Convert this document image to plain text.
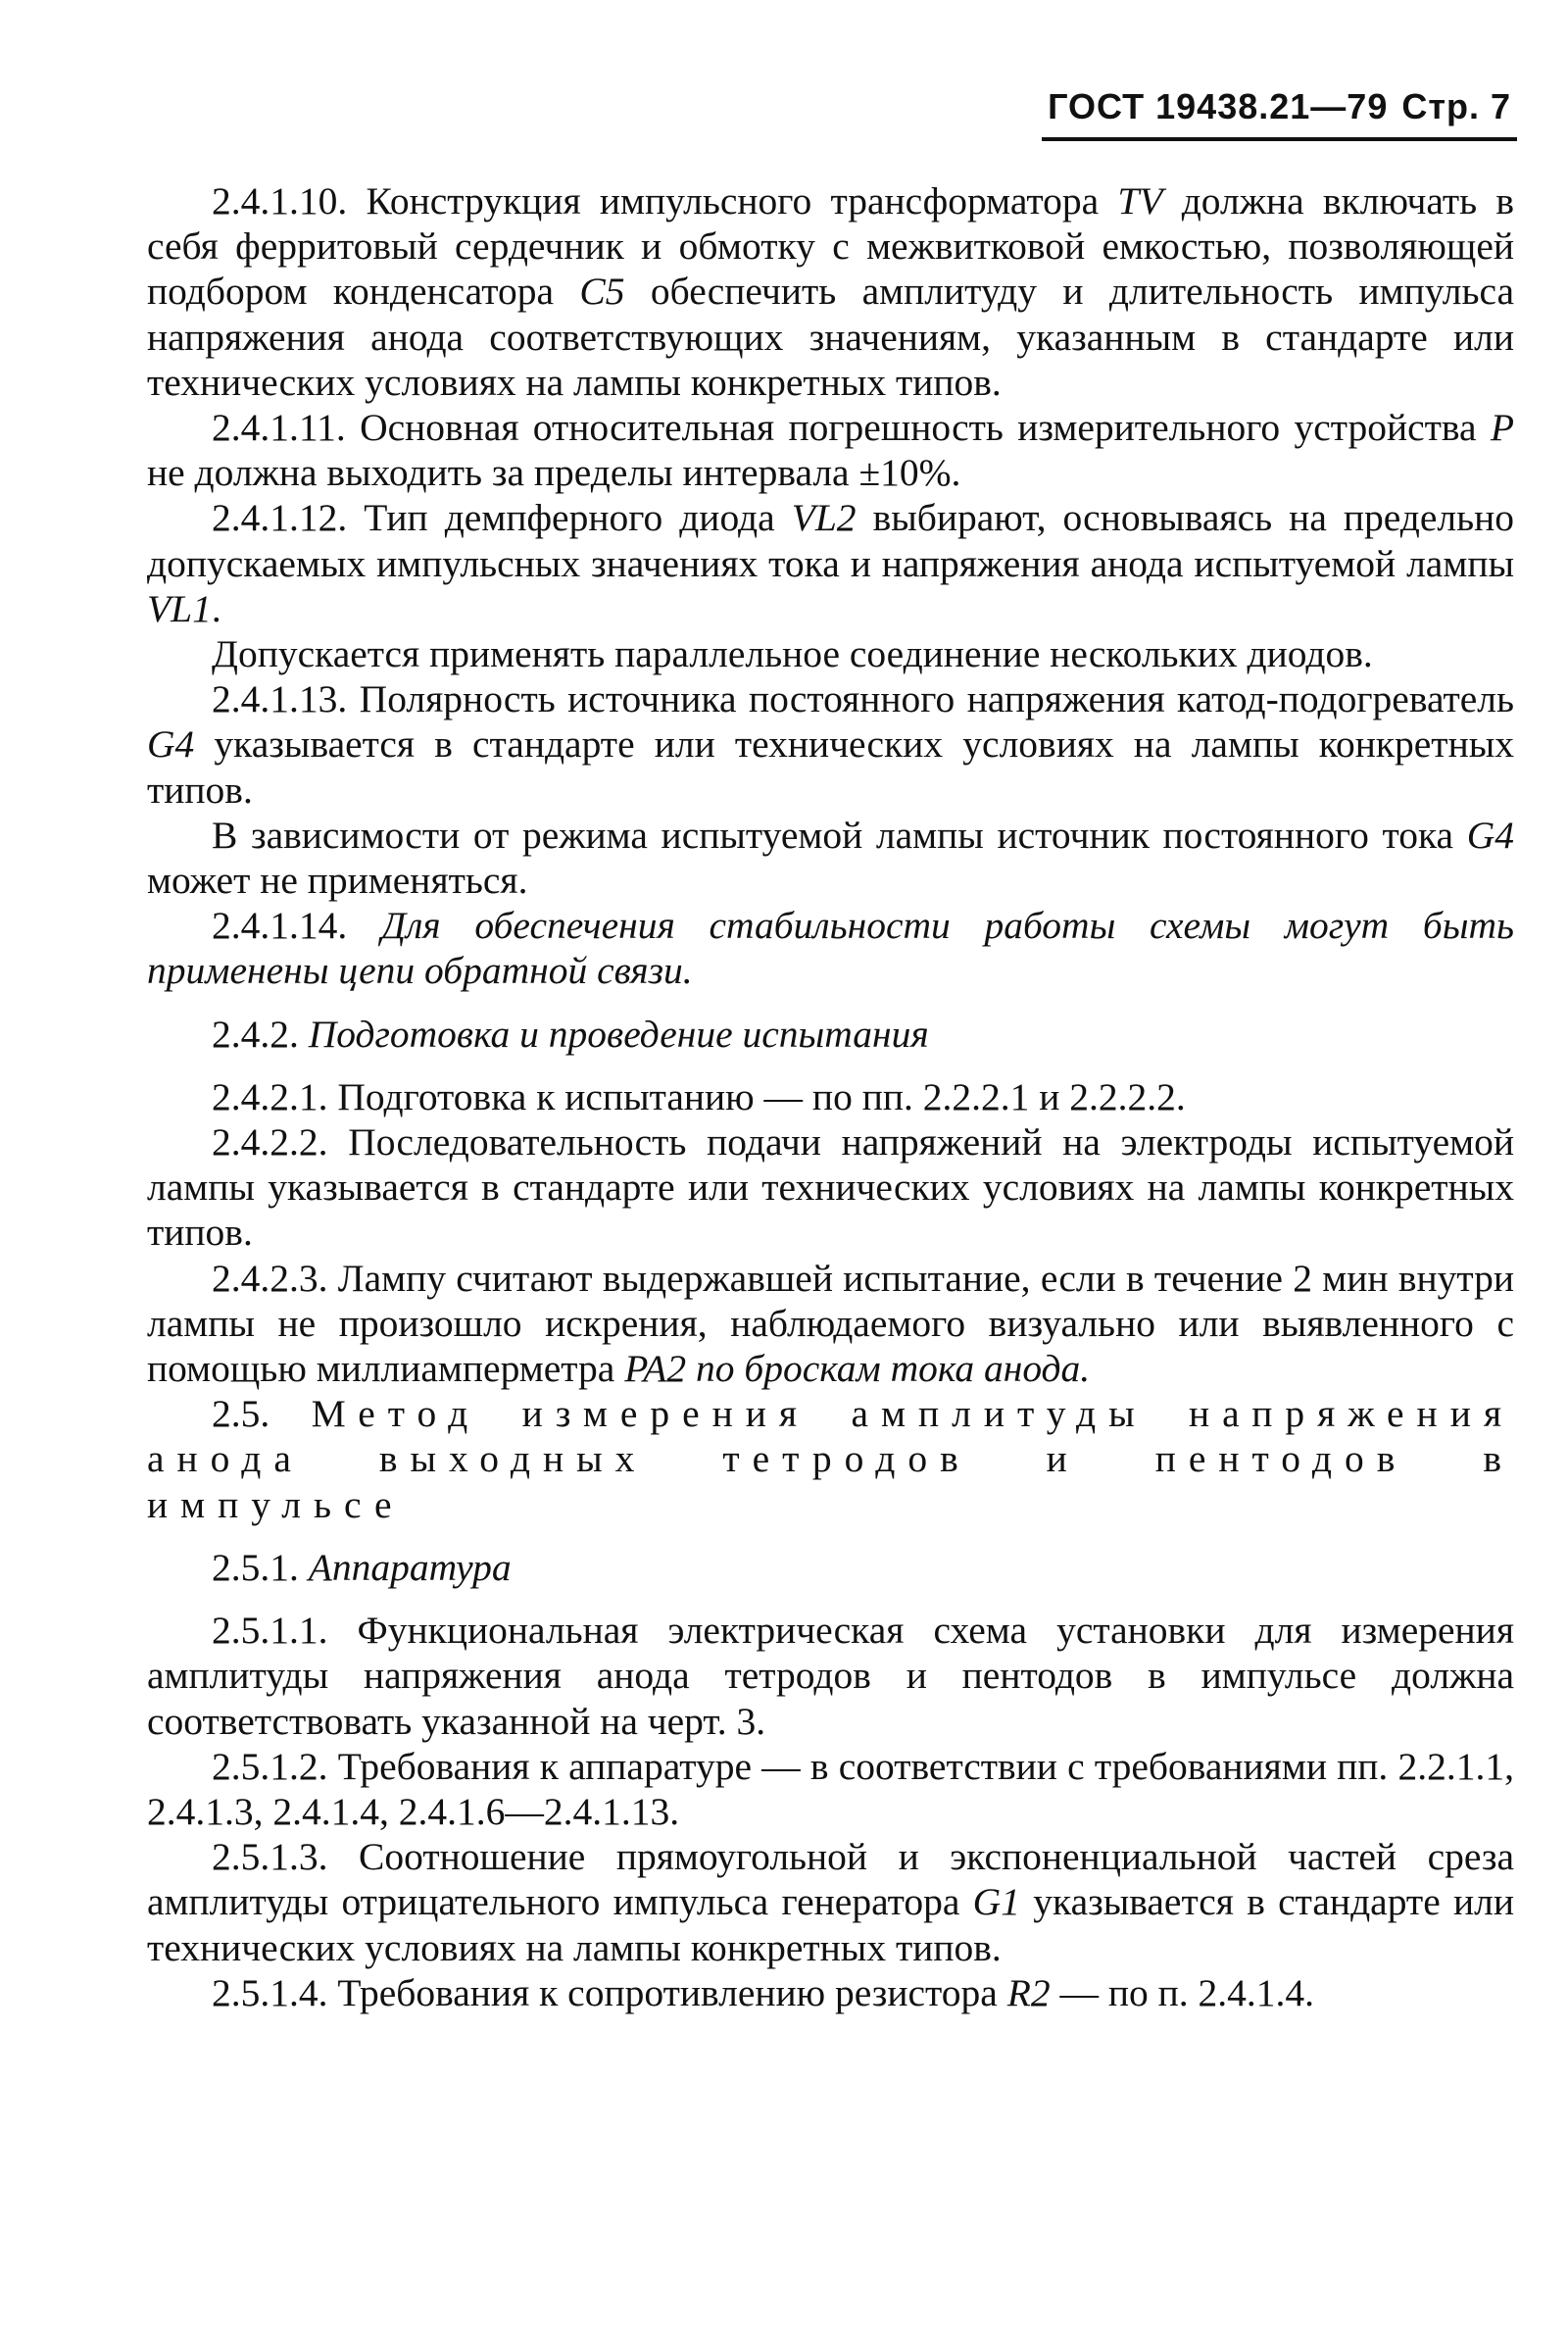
ГОСТ 19438.21—79 Стр. 7

2.4.1.10. Конструкция импульсного трансформатора TV должна включать в себя ферритовый сердечник и обмотку с межвитковой емкостью, позволяющей подбором конденсатора C5 обеспечить амплитуду и длительность импульса напряжения анода соответствующих значениям, указанным в стандарте или технических условиях на лампы конкретных типов.

2.4.1.11. Основная относительная погрешность измерительного устройства P не должна выходить за пределы интервала ±10%.

2.4.1.12. Тип демпферного диода VL2 выбирают, основываясь на предельно допускаемых импульсных значениях тока и напряжения анода испытуемой лампы VL1.

Допускается применять параллельное соединение нескольких диодов.

2.4.1.13. Полярность источника постоянного напряжения катод-подогреватель G4 указывается в стандарте или технических условиях на лампы конкретных типов.

В зависимости от режима испытуемой лампы источник постоянного тока G4 может не применяться.

2.4.1.14. Для обеспечения стабильности работы схемы могут быть применены цепи обратной связи.

2.4.2. Подготовка и проведение испытания

2.4.2.1. Подготовка к испытанию — по пп. 2.2.2.1 и 2.2.2.2.

2.4.2.2. Последовательность подачи напряжений на электроды испытуемой лампы указывается в стандарте или технических условиях на лампы конкретных типов.

2.4.2.3. Лампу считают выдержавшей испытание, если в течение 2 мин внутри лампы не произошло искрения, наблюдаемого визуально или выявленного с помощью миллиамперметра PA2 по броскам тока анода.

2.5. Метод измерения амплитуды напряжения анода выходных тетродов и пентодов в импульсе

2.5.1. Аппаратура

2.5.1.1. Функциональная электрическая схема установки для измерения амплитуды напряжения анода тетродов и пентодов в импульсе должна соответствовать указанной на черт. 3.

2.5.1.2. Требования к аппаратуре — в соответствии с требованиями пп. 2.2.1.1, 2.4.1.3, 2.4.1.4, 2.4.1.6—2.4.1.13.

2.5.1.3. Соотношение прямоугольной и экспоненциальной частей среза амплитуды отрицательного импульса генератора G1 указывается в стандарте или технических условиях на лампы конкретных типов.

2.5.1.4. Требования к сопротивлению резистора R2 — по п. 2.4.1.4.
